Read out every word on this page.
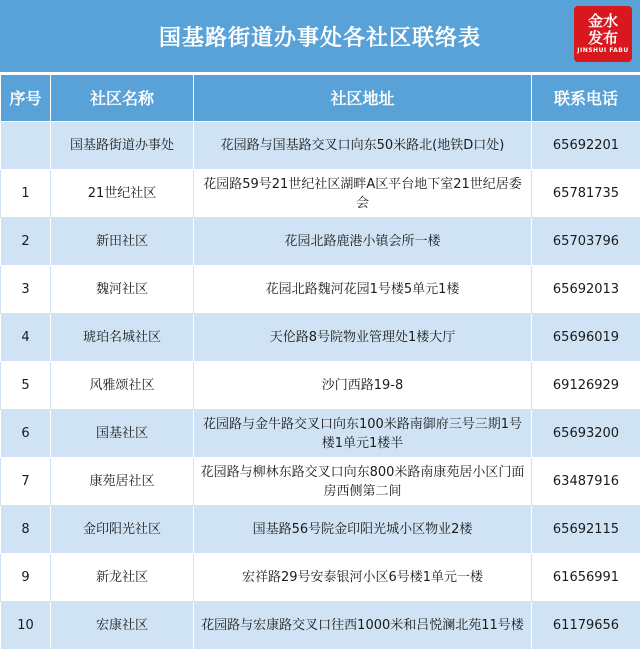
国基路街道办事处各社区联络表
金水
发布
JINSHUI FABU
序号	社区名称	社区地址	联系电话
	国基路街道办事处	花园路与国基路交叉口向东50米路北(地铁D口处)	65692201
1	21世纪社区	花园路59号21世纪社区湖畔A区平台地下室21世纪居委会	65781735
2	新田社区	花园北路鹿港小镇会所一楼	65703796
3	魏河社区	花园北路魏河花园1号楼5单元1楼	65692013
4	琥珀名城社区	天伦路8号院物业管理处1楼大厅	65696019
5	风雅颂社区	沙门西路19-8	69126929
6	国基社区	花园路与金牛路交叉口向东100米路南御府三号三期1号楼1单元1楼半	65693200
7	康苑居社区	花园路与柳林东路交叉口向东800米路南康苑居小区门面房西侧第二间	63487916
8	金印阳光社区	国基路56号院金印阳光城小区物业2楼	65692115
9	新龙社区	宏祥路29号安泰银河小区6号楼1单元一楼	61656991
10	宏康社区	花园路与宏康路交叉口往西1000米和吕悦澜北苑11号楼	61179656
